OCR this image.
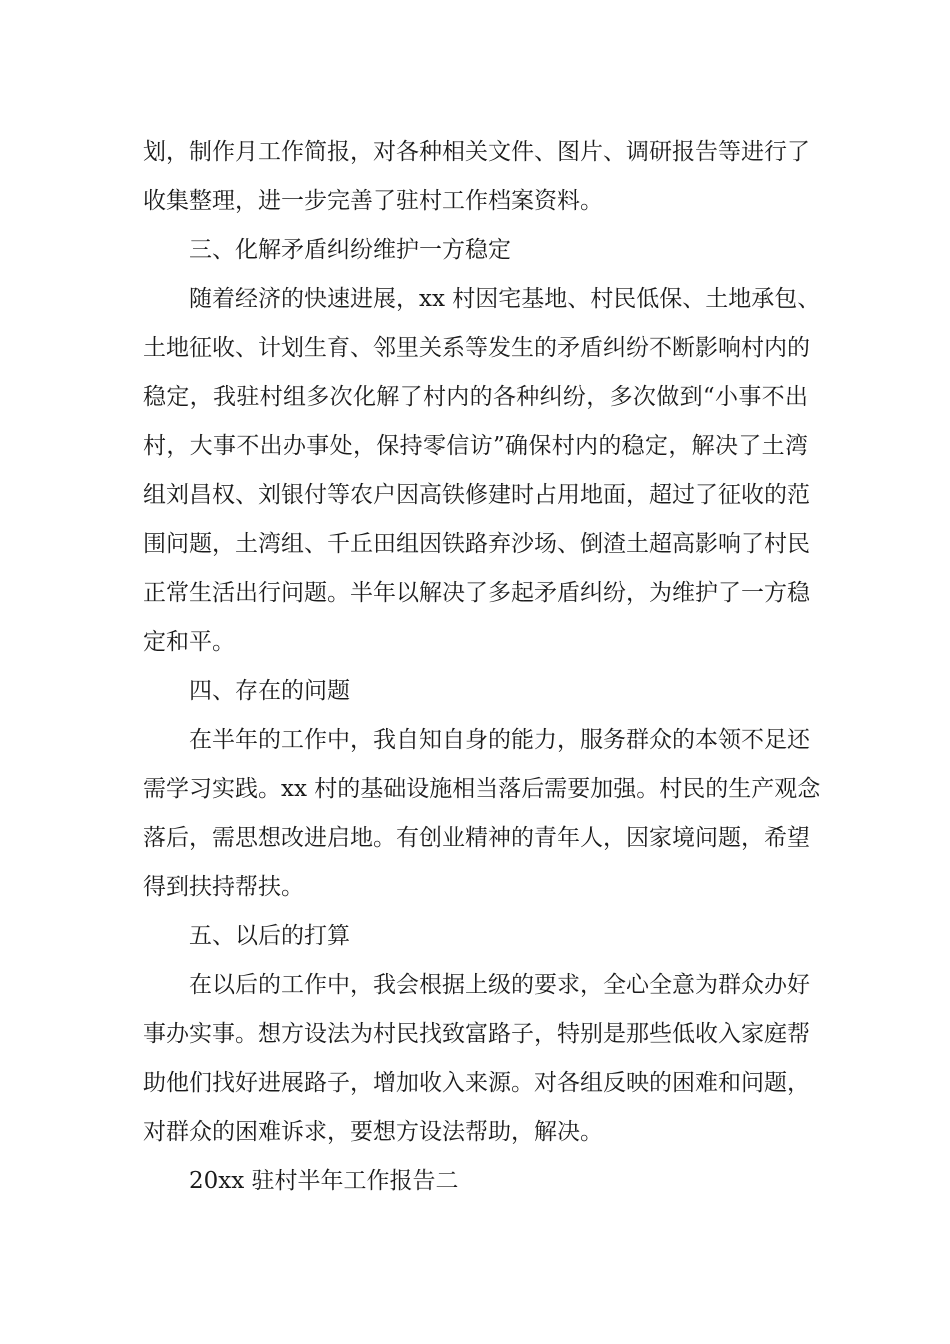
划，制作月工作简报，对各种相关文件、图片、调研报告等进行了
收集整理，进一步完善了驻村工作档案资料。
三、化解矛盾纠纷维护一方稳定
随着经济的快速进展，xx 村因宅基地、村民低保、土地承包、
土地征收、计划生育、邻里关系等发生的矛盾纠纷不断影响村内的
稳定，我驻村组多次化解了村内的各种纠纷，多次做到“小事不出
村，大事不出办事处，保持零信访”确保村内的稳定，解决了土湾
组刘昌权、刘银付等农户因高铁修建时占用地面，超过了征收的范
围问题，土湾组、千丘田组因铁路弃沙场、倒渣土超高影响了村民
正常生活出行问题。半年以解决了多起矛盾纠纷，为维护了一方稳
定和平。
四、存在的问题
在半年的工作中，我自知自身的能力，服务群众的本领不足还
需学习实践。xx 村的基础设施相当落后需要加强。村民的生产观念
落后，需思想改进启地。有创业精神的青年人，因家境问题，希望
得到扶持帮扶。
五、以后的打算
在以后的工作中，我会根据上级的要求，全心全意为群众办好
事办实事。想方设法为村民找致富路子，特别是那些低收入家庭帮
助他们找好进展路子，增加收入来源。对各组反映的困难和问题，
对群众的困难诉求，要想方设法帮助，解决。
20xx 驻村半年工作报告二
